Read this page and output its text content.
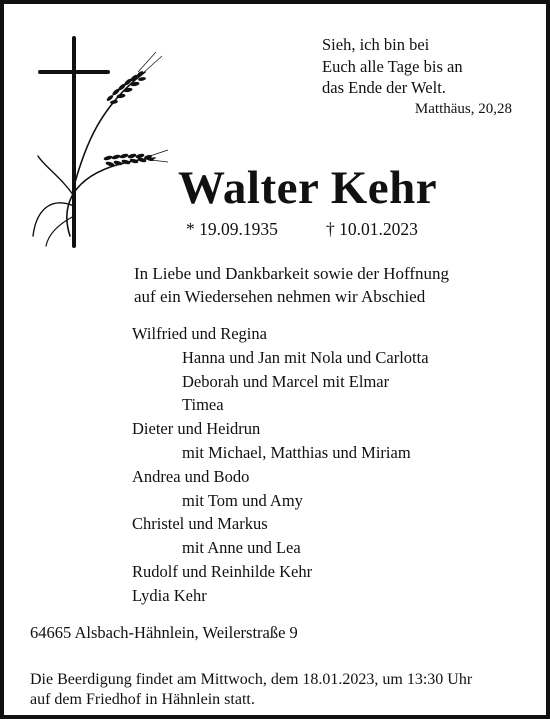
Sieh, ich bin bei
Euch alle Tage bis an
das Ende der Welt.
Matthäus, 20,28
Walter Kehr
* 19.09.1935	† 10.01.2023
In Liebe und Dankbarkeit sowie der Hoffnung
auf ein Wiedersehen nehmen wir Abschied
Wilfried und Regina
Hanna und Jan mit Nola und Carlotta
Deborah und Marcel mit Elmar
Timea
Dieter und Heidrun
mit Michael, Matthias und Miriam
Andrea und Bodo
mit Tom und Amy
Christel und Markus
mit Anne und Lea
Rudolf und Reinhilde Kehr
Lydia Kehr
64665 Alsbach-Hähnlein, Weilerstraße 9
Die Beerdigung findet am Mittwoch, dem 18.01.2023, um 13:30 Uhr
auf dem Friedhof in Hähnlein statt.
